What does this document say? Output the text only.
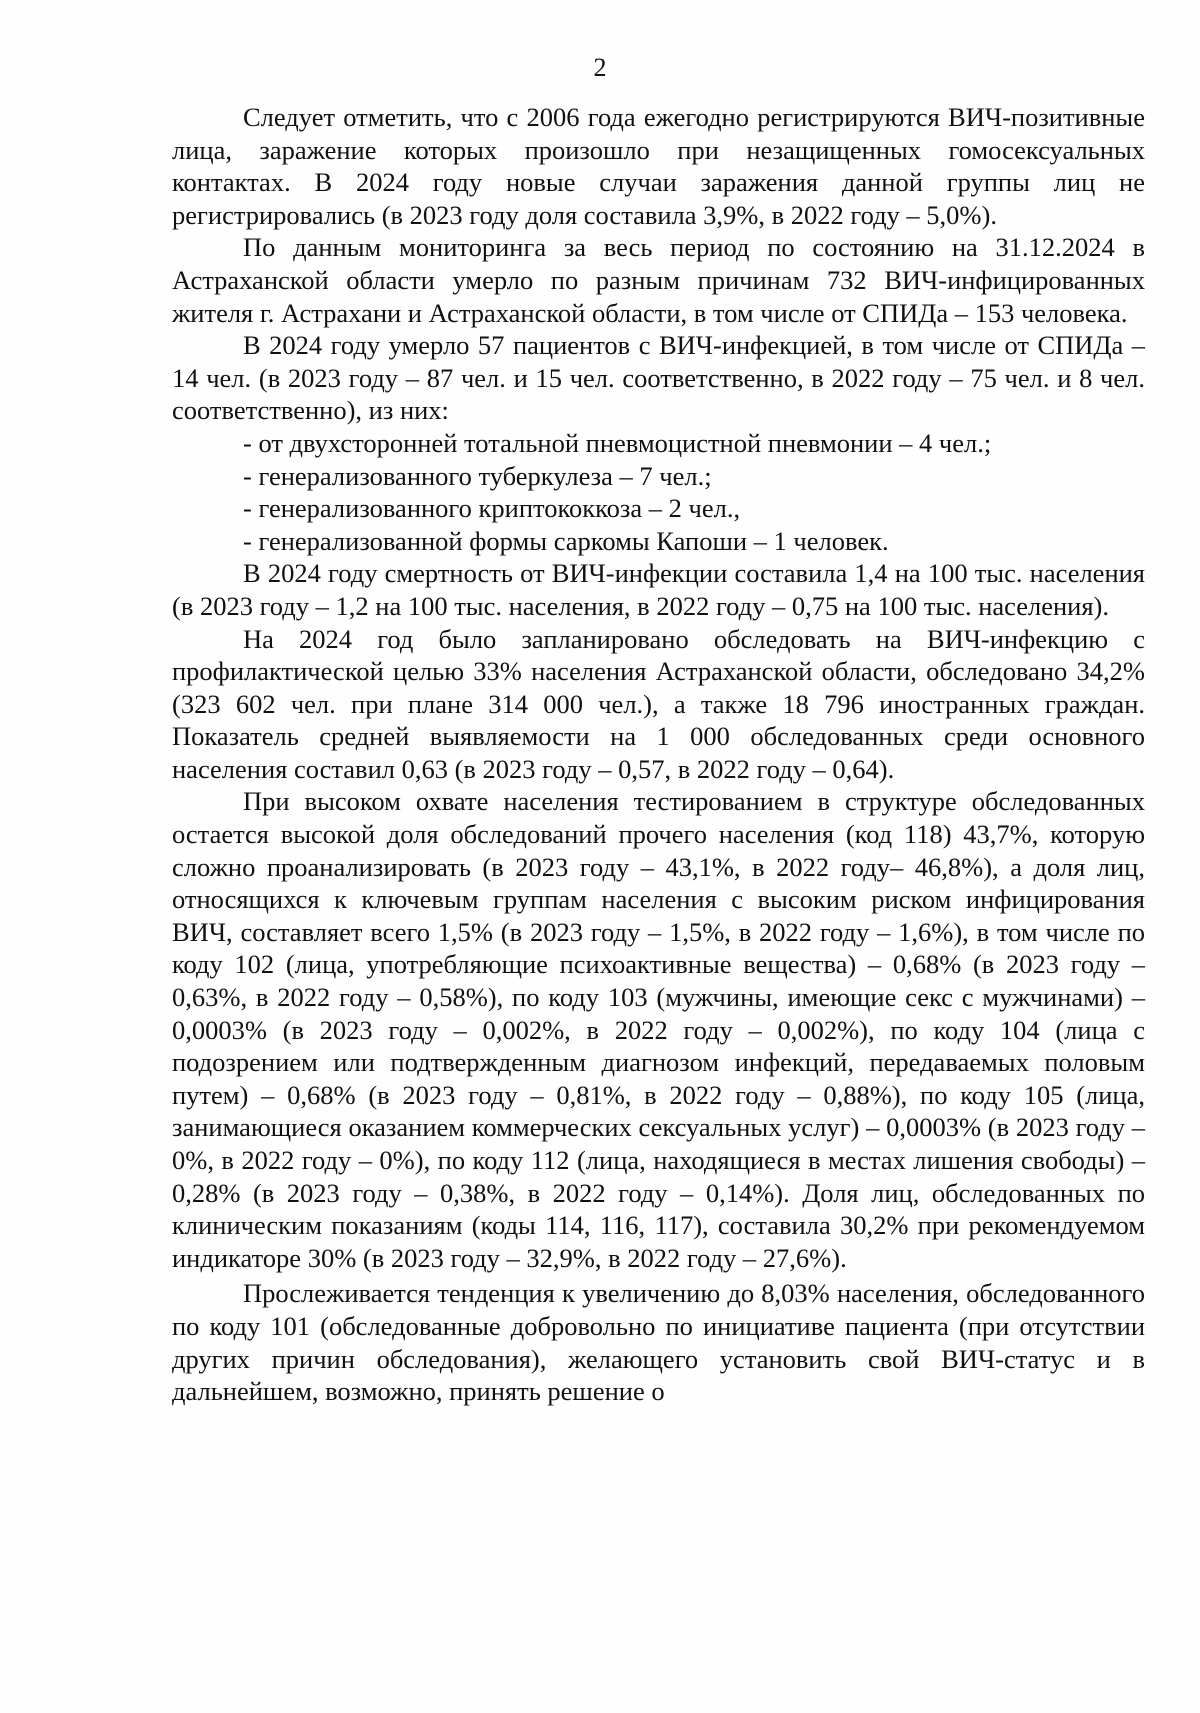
2

Следует отметить, что с 2006 года ежегодно регистрируются ВИЧ-позитивные лица, заражение которых произошло при незащищенных гомосексуальных контактах. В 2024 году новые случаи заражения данной группы лиц не регистрировались (в 2023 году доля составила 3,9%, в 2022 году – 5,0%).

По данным мониторинга за весь период по состоянию на 31.12.2024 в Астраханской области умерло по разным причинам 732 ВИЧ-инфицированных жителя г. Астрахани и Астраханской области, в том числе от СПИДа – 153 человека.

В 2024 году умерло 57 пациентов с ВИЧ-инфекцией, в том числе от СПИДа – 14 чел. (в 2023 году – 87 чел. и 15 чел. соответственно, в 2022 году – 75 чел. и 8 чел. соответственно), из них:

- от двухсторонней тотальной пневмоцистной пневмонии – 4 чел.;
- генерализованного туберкулеза – 7 чел.;
- генерализованного криптококкоза – 2 чел.,
- генерализованной формы саркомы Капоши – 1 человек.

В 2024 году смертность от ВИЧ-инфекции составила 1,4 на 100 тыс. населения (в 2023 году – 1,2 на 100 тыс. населения, в 2022 году – 0,75 на 100 тыс. населения).

На 2024 год было запланировано обследовать на ВИЧ-инфекцию с профилактической целью 33% населения Астраханской области, обследовано 34,2% (323 602 чел. при плане 314 000 чел.), а также 18 796 иностранных граждан. Показатель средней выявляемости на 1 000 обследованных среди основного населения составил 0,63 (в 2023 году – 0,57, в 2022 году – 0,64).

При высоком охвате населения тестированием в структуре обследованных остается высокой доля обследований прочего населения (код 118) 43,7%, которую сложно проанализировать (в 2023 году – 43,1%, в 2022 году– 46,8%), а доля лиц, относящихся к ключевым группам населения с высоким риском инфицирования ВИЧ, составляет всего 1,5% (в 2023 году – 1,5%, в 2022 году – 1,6%), в том числе по коду 102 (лица, употребляющие психоактивные вещества) – 0,68% (в 2023 году – 0,63%, в 2022 году – 0,58%), по коду 103 (мужчины, имеющие секс с мужчинами) – 0,0003% (в 2023 году – 0,002%, в 2022 году – 0,002%), по коду 104 (лица с подозрением или подтвержденным диагнозом инфекций, передаваемых половым путем) – 0,68% (в 2023 году – 0,81%, в 2022 году – 0,88%), по коду 105 (лица, занимающиеся оказанием коммерческих сексуальных услуг) – 0,0003% (в 2023 году – 0%, в 2022 году – 0%), по коду 112 (лица, находящиеся в местах лишения свободы) – 0,28% (в 2023 году – 0,38%, в 2022 году – 0,14%). Доля лиц, обследованных по клиническим показаниям (коды 114, 116, 117), составила 30,2% при рекомендуемом индикаторе 30% (в 2023 году – 32,9%, в 2022 году – 27,6%).

Прослеживается тенденция к увеличению до 8,03% населения, обследованного по коду 101 (обследованные добровольно по инициативе пациента (при отсутствии других причин обследования), желающего установить свой ВИЧ-статус и в дальнейшем, возможно, принять решение о
